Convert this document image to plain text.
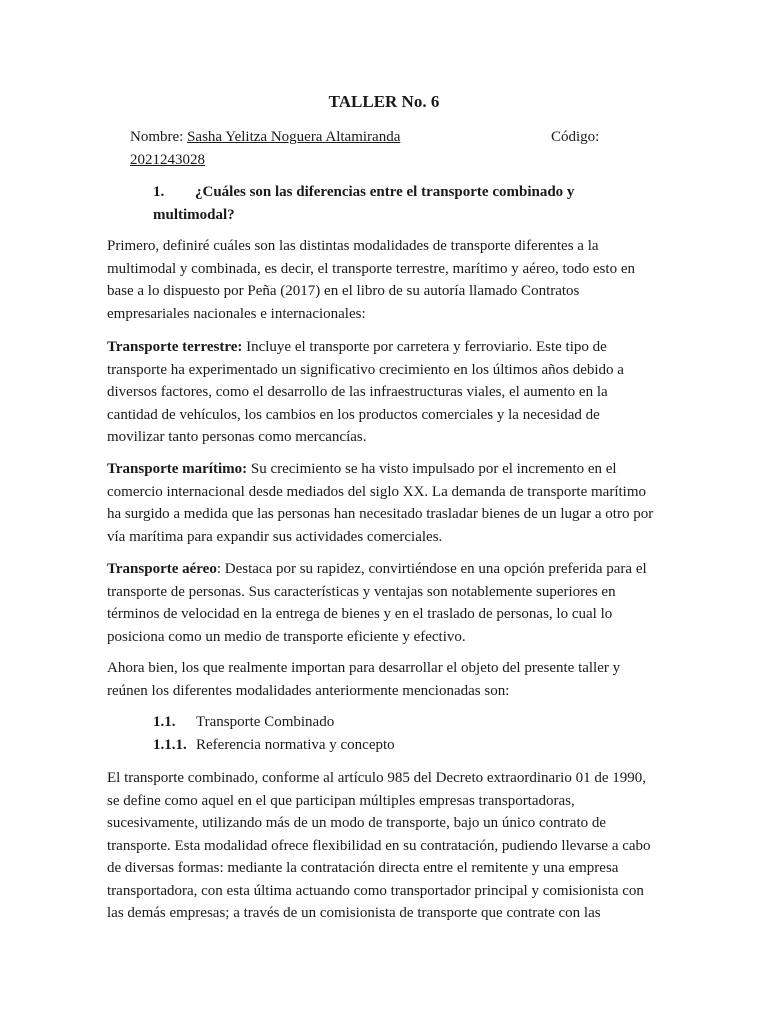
TALLER No. 6
Nombre: Sasha Yelitza Noguera Altamiranda
2021243028
Código:
1. ¿Cuáles son las diferencias entre el transporte combinado y
multimodal?
Primero, definiré cuáles son las distintas modalidades de transporte diferentes a la
multimodal y combinada, es decir, el transporte terrestre, marítimo y aéreo, todo esto en
base a lo dispuesto por Peña (2017) en el libro de su autoría llamado Contratos
empresariales nacionales e internacionales:
Transporte terrestre: Incluye el transporte por carretera y ferroviario. Este tipo de
transporte ha experimentado un significativo crecimiento en los últimos años debido a
diversos factores, como el desarrollo de las infraestructuras viales, el aumento en la
cantidad de vehículos, los cambios en los productos comerciales y la necesidad de
movilizar tanto personas como mercancías.
Transporte marítimo: Su crecimiento se ha visto impulsado por el incremento en el
comercio internacional desde mediados del siglo XX. La demanda de transporte marítimo
ha surgido a medida que las personas han necesitado trasladar bienes de un lugar a otro por
vía marítima para expandir sus actividades comerciales.
Transporte aéreo: Destaca por su rapidez, convirtiéndose en una opción preferida para el
transporte de personas. Sus características y ventajas son notablemente superiores en
términos de velocidad en la entrega de bienes y en el traslado de personas, lo cual lo
posiciona como un medio de transporte eficiente y efectivo.
Ahora bien, los que realmente importan para desarrollar el objeto del presente taller y
reúnen los diferentes modalidades anteriormente mencionadas son:
1.1. Transporte Combinado
1.1.1. Referencia normativa y concepto
El transporte combinado, conforme al artículo 985 del Decreto extraordinario 01 de 1990,
se define como aquel en el que participan múltiples empresas transportadoras,
sucesivamente, utilizando más de un modo de transporte, bajo un único contrato de
transporte. Esta modalidad ofrece flexibilidad en su contratación, pudiendo llevarse a cabo
de diversas formas: mediante la contratación directa entre el remitente y una empresa
transportadora, con esta última actuando como transportador principal y comisionista con
las demás empresas; a través de un comisionista de transporte que contrate con las
